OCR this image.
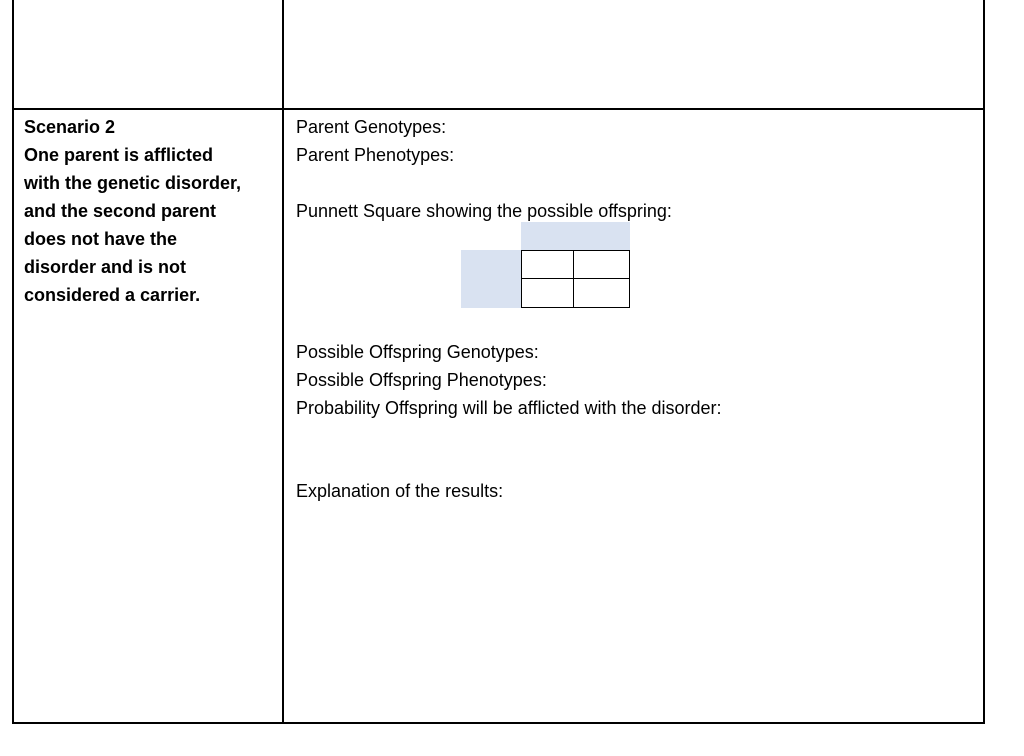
Scenario 2
One parent is afflicted
with the genetic disorder,
and the second parent
does not have the
disorder and is not
considered a carrier.
Parent Genotypes:
Parent Phenotypes:
Punnett Square showing the possible offspring:
Possible Offspring Genotypes:
Possible Offspring Phenotypes:
Probability Offspring will be afflicted with the disorder:
Explanation of the results:
